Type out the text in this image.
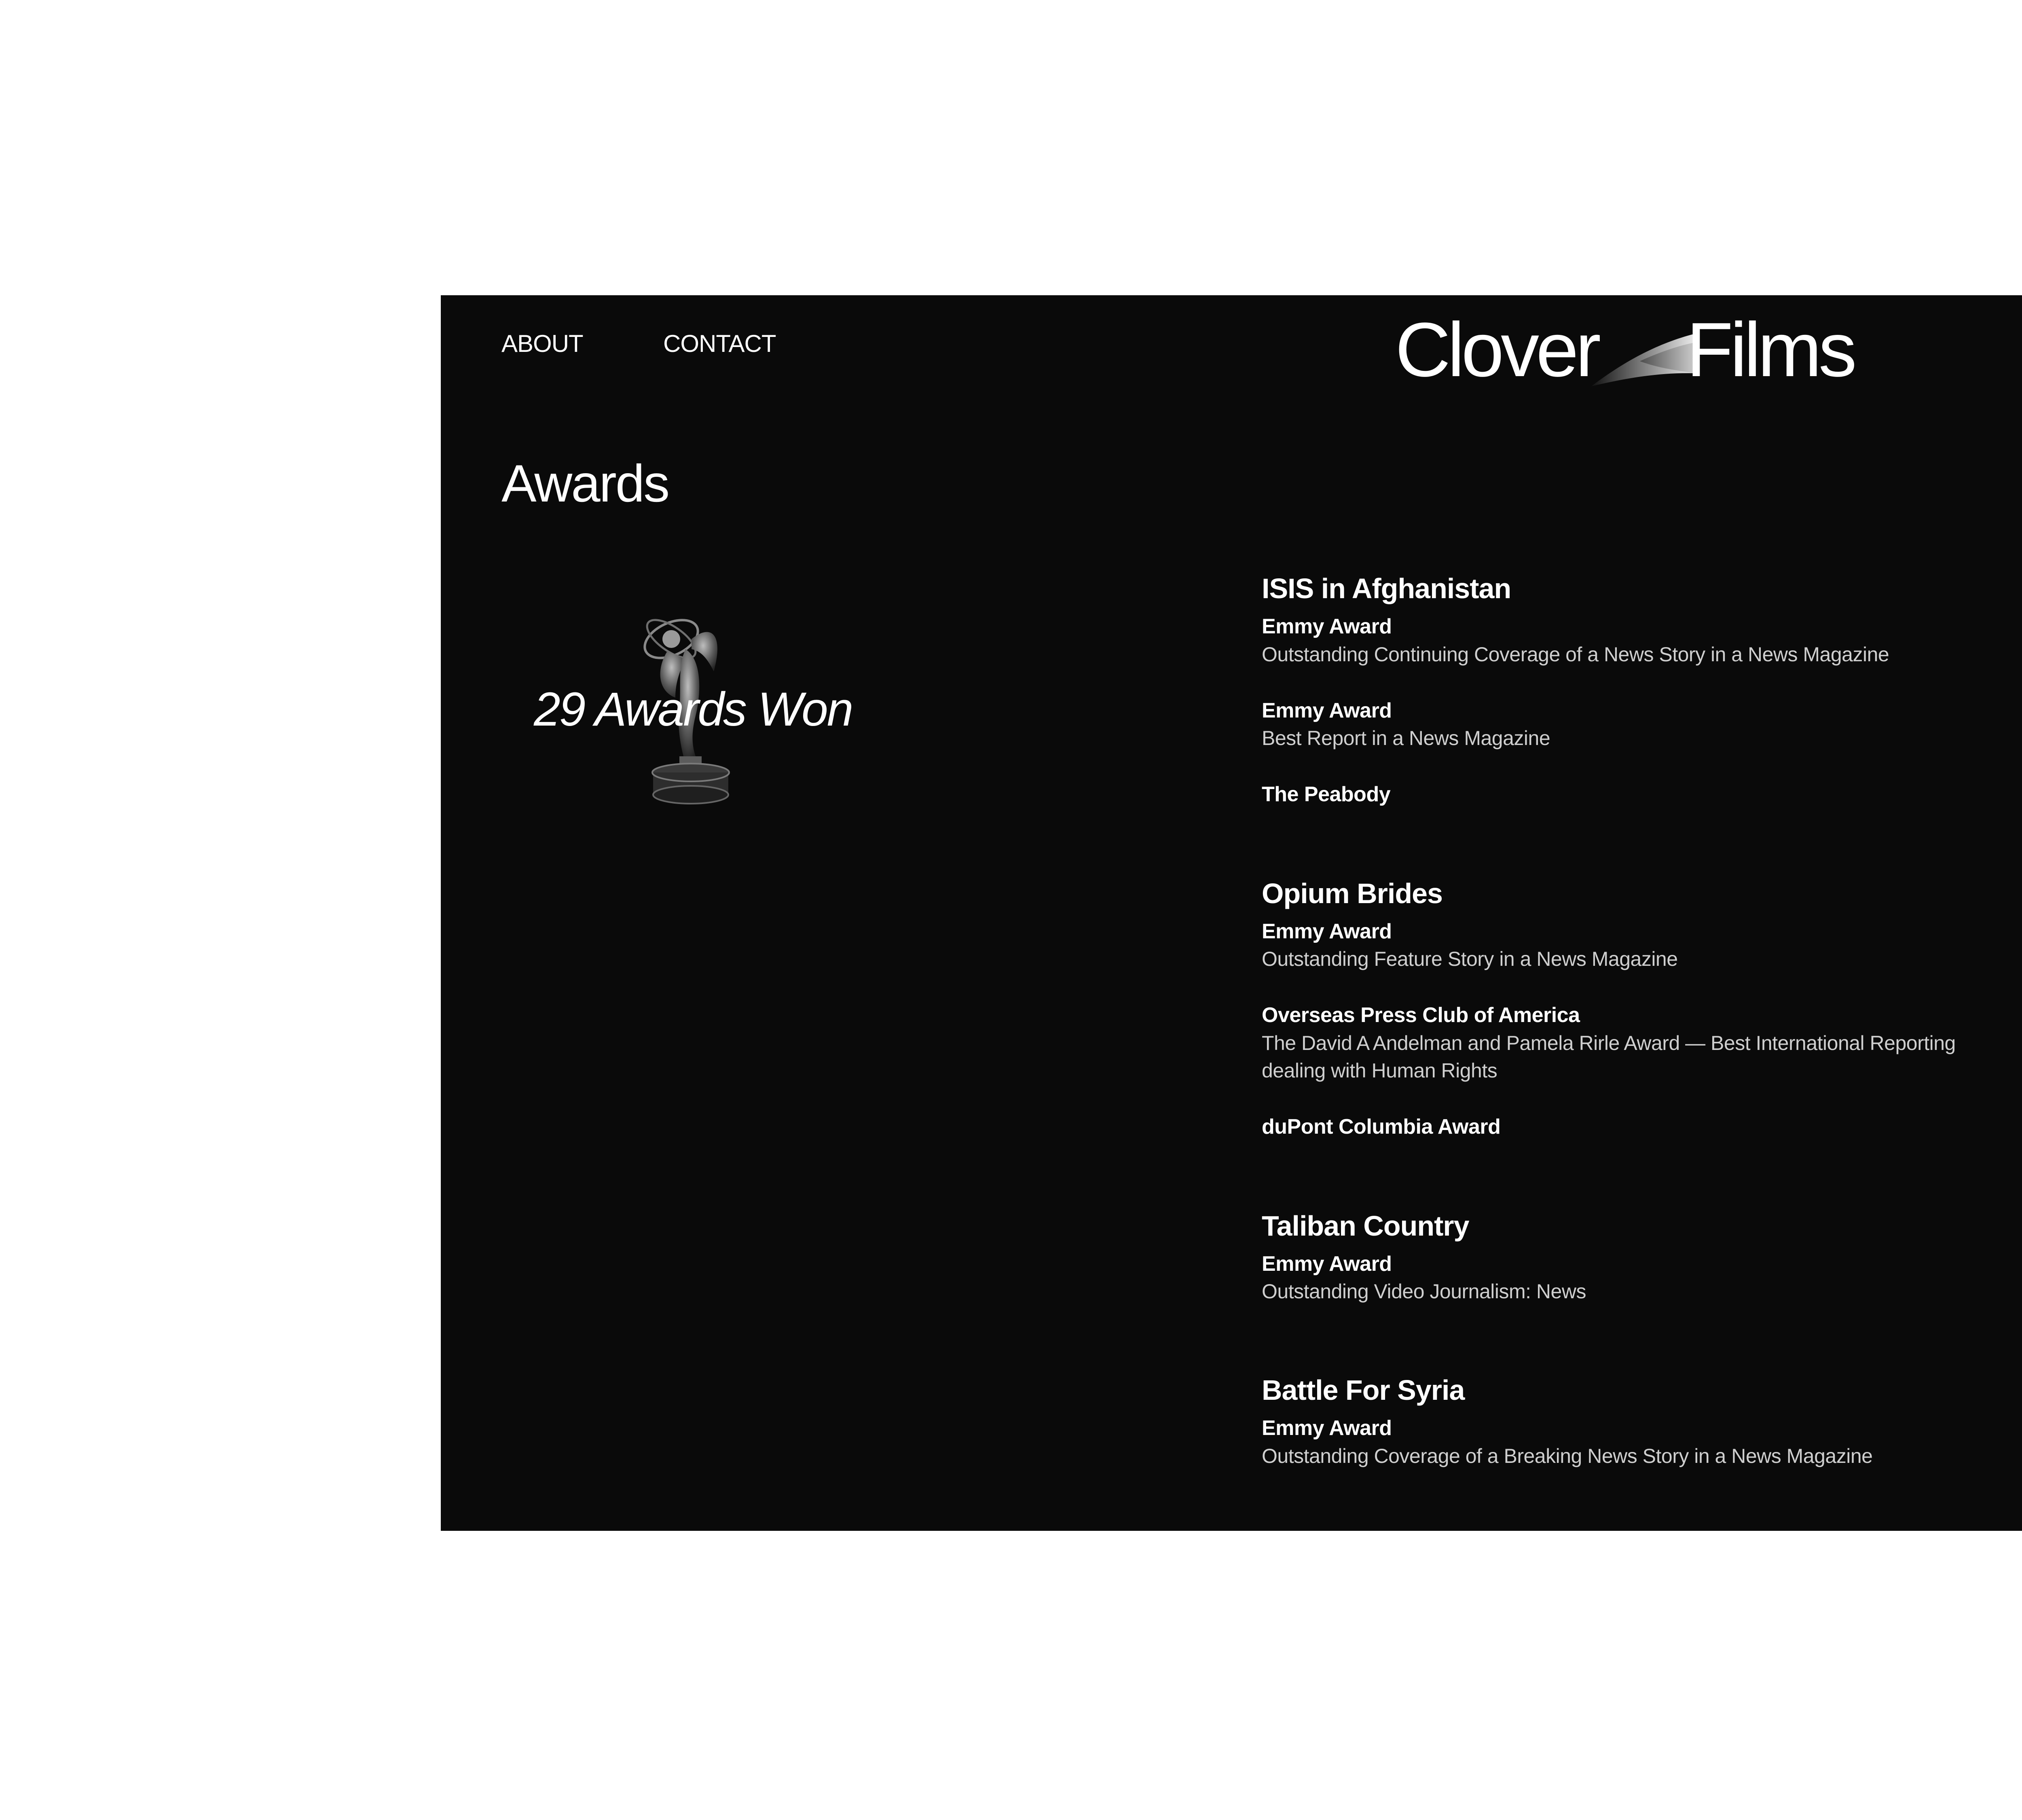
ABOUT	CONTACT	Clover Films
Awards
29 Awards Won
ISIS in Afghanistan
Emmy Award
Outstanding Continuing Coverage of a News Story in a News Magazine
Emmy Award
Best Report in a News Magazine
The Peabody
Opium Brides
Emmy Award
Outstanding Feature Story in a News Magazine
Overseas Press Club of America
The David A Andelman and Pamela Rirle Award — Best International Reporting dealing with Human Rights
duPont Columbia Award
Taliban Country
Emmy Award
Outstanding Video Journalism: News
Battle For Syria
Emmy Award
Outstanding Coverage of a Breaking News Story in a News Magazine
